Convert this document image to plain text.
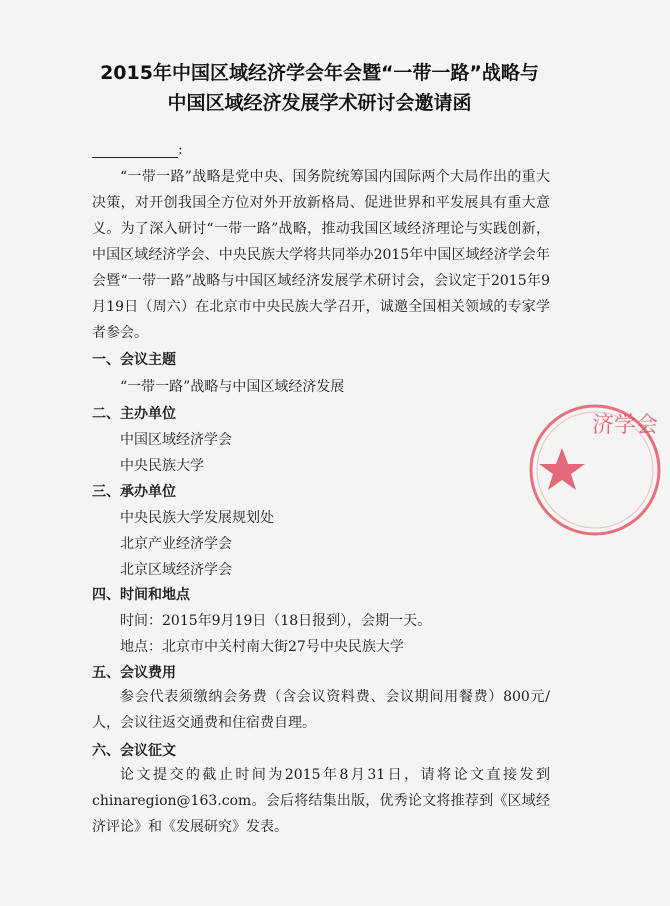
2015年中国区域经济学会年会暨“一带一路”战略与
中国区域经济发展学术研讨会邀请函
:
“一带一路”战略是党中央、国务院统筹国内国际两个大局作出的重大决策，对开创我国全方位对外开放新格局、促进世界和平发展具有重大意义。为了深入研讨“一带一路”战略，推动我国区域经济理论与实践创新，中国区域经济学会、中央民族大学将共同举办2015年中国区域经济学会年会暨“一带一路”战略与中国区域经济发展学术研讨会，会议定于2015年9月19日（周六）在北京市中央民族大学召开，诚邀全国相关领域的专家学者参会。
一、会议主题
“一带一路”战略与中国区域经济发展
二、主办单位
中国区域经济学会
中央民族大学
三、承办单位
中央民族大学发展规划处
北京产业经济学会
北京区域经济学会
四、时间和地点
时间：2015年9月19日（18日报到），会期一天。
地点：北京市中关村南大街27号中央民族大学
五、会议费用
参会代表须缴纳会务费（含会议资料费、会议期间用餐费）800元/人，会议往返交通费和住宿费自理。
六、会议征文
论文提交的截止时间为2015年8月31日，请将论文直接发到chinaregion@163.com。会后将结集出版，优秀论文将推荐到《区域经济评论》和《发展研究》发表。
济学会
